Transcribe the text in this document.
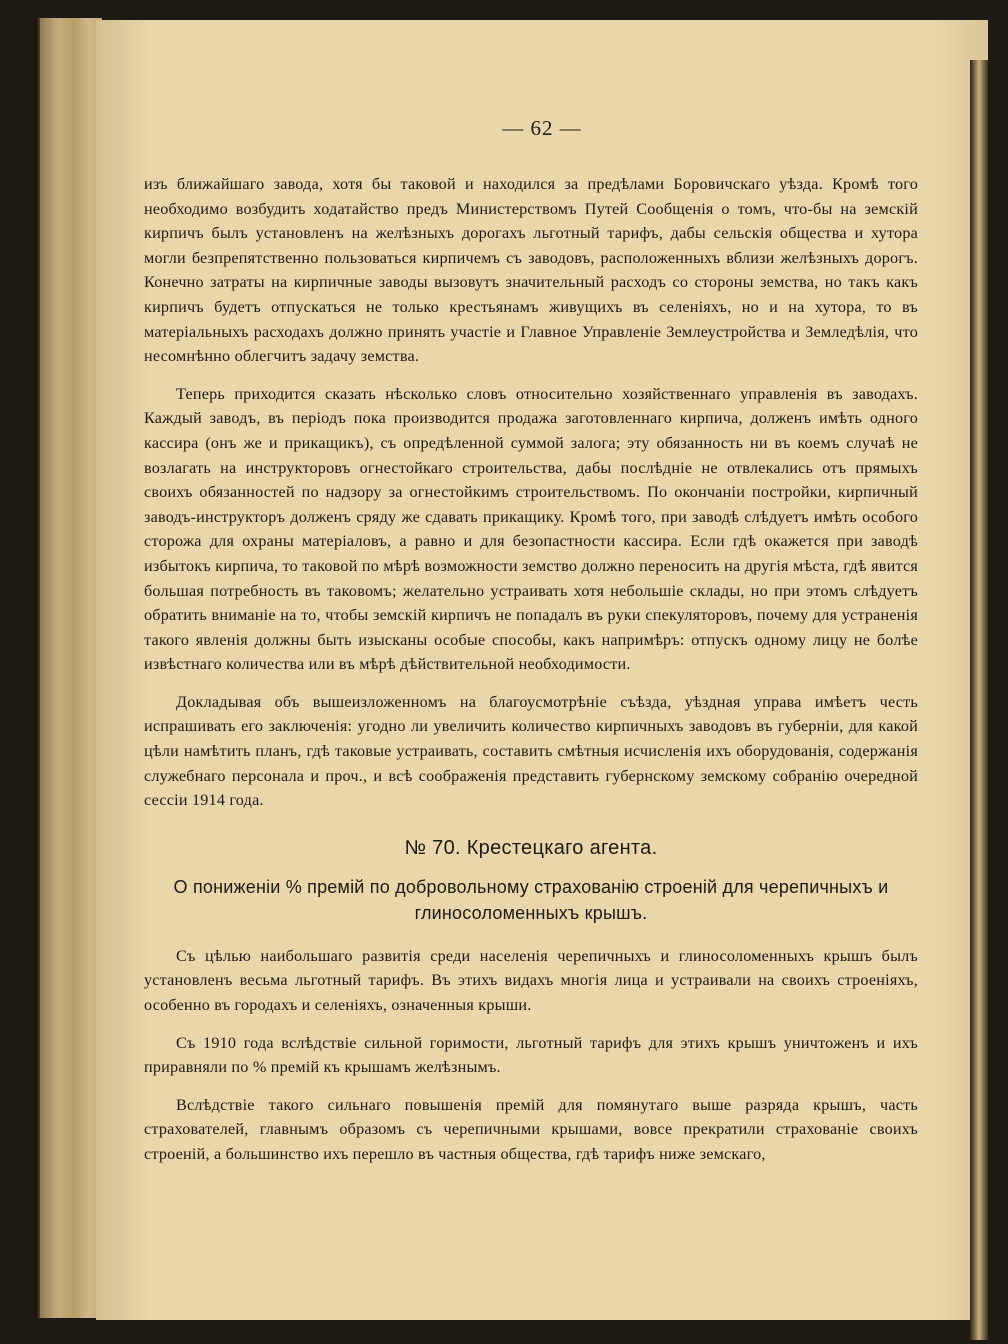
— 62 —

изъ ближайшаго завода, хотя бы таковой и находился за предѣлами Боровичскаго уѣзда. Кромѣ того необходимо возбудить ходатайство предъ Министерствомъ Путей Сообщенія о томъ, что-бы на земскій кирпичъ былъ установленъ на желѣзныхъ дорогахъ льготный тарифъ, дабы сельскія общества и хутора могли безпрепятственно пользоваться кирпичемъ съ заводовъ, расположенныхъ вблизи желѣзныхъ дорогъ. Конечно затраты на кирпичные заводы вызовутъ значительный расходъ со стороны земства, но такъ какъ кирпичъ будетъ отпускаться не только крестьянамъ живущихъ въ селеніяхъ, но и на хутора, то въ матеріальныхъ расходахъ должно принять участіе и Главное Управленіе Землеустройства и Земледѣлія, что несомнѣнно облегчитъ задачу земства.

Теперь приходится сказать нѣсколько словъ относительно хозяйственнаго управленія въ заводахъ. Каждый заводъ, въ періодъ пока производится продажа заготовленнаго кирпича, долженъ имѣть одного кассира (онъ же и прикащикъ), съ опредѣленной суммой залога; эту обязанность ни въ коемъ случаѣ не возлагать на инструкторовъ огнестойкаго строительства, дабы послѣдніе не отвлекались отъ прямыхъ своихъ обязанностей по надзору за огнестойкимъ строительствомъ. По окончаніи постройки, кирпичный заводъ-инструкторъ долженъ сряду же сдавать прикащику. Кромѣ того, при заводѣ слѣдуетъ имѣть особого сторожа для охраны матеріаловъ, а равно и для безопастности кассира. Если гдѣ окажется при заводѣ избытокъ кирпича, то таковой по мѣрѣ возможности земство должно переносить на другія мѣста, гдѣ явится большая потребность въ таковомъ; желательно устраивать хотя небольшіе склады, но при этомъ слѣдуетъ обратить вниманіе на то, чтобы земскій кирпичъ не попадалъ въ руки спекуляторовъ, почему для устраненія такого явленія должны быть изысканы особые способы, какъ напримѣръ: отпускъ одному лицу не болѣе извѣстнаго количества или въ мѣрѣ дѣйствительной необходимости.

Докладывая объ вышеизложенномъ на благоусмотрѣніе съѣзда, уѣздная управа имѣетъ честь испрашивать его заключенія: угодно ли увеличить количество кирпичныхъ заводовъ въ губерніи, для какой цѣли намѣтить планъ, гдѣ таковые устраивать, составить смѣтныя исчисленія ихъ оборудованія, содержанія служебнаго персонала и проч., и всѣ соображенія представить губернскому земскому собранію очередной сессіи 1914 года.

№ 70. Крестецкаго агента.
О пониженіи % премій по добровольному страхованію строеній для черепичныхъ и глиносоломенныхъ крышъ.

Съ цѣлью наибольшаго развитія среди населенія черепичныхъ и глиносоломенныхъ крышъ былъ установленъ весьма льготный тарифъ. Въ этихъ видахъ многія лица и устраивали на своихъ строеніяхъ, особенно въ городахъ и селеніяхъ, означенныя крыши.

Съ 1910 года вслѣдствіе сильной горимости, льготный тарифъ для этихъ крышъ уничтоженъ и ихъ приравняли по % премій къ крышамъ желѣзнымъ.

Вслѣдствіе такого сильнаго повышенія премій для помянутаго выше разряда крышъ, часть страхователей, главнымъ образомъ съ черепичными крышами, вовсе прекратили страхованіе своихъ строеній, а большинство ихъ перешло въ частныя общества, гдѣ тарифъ ниже земскаго,
